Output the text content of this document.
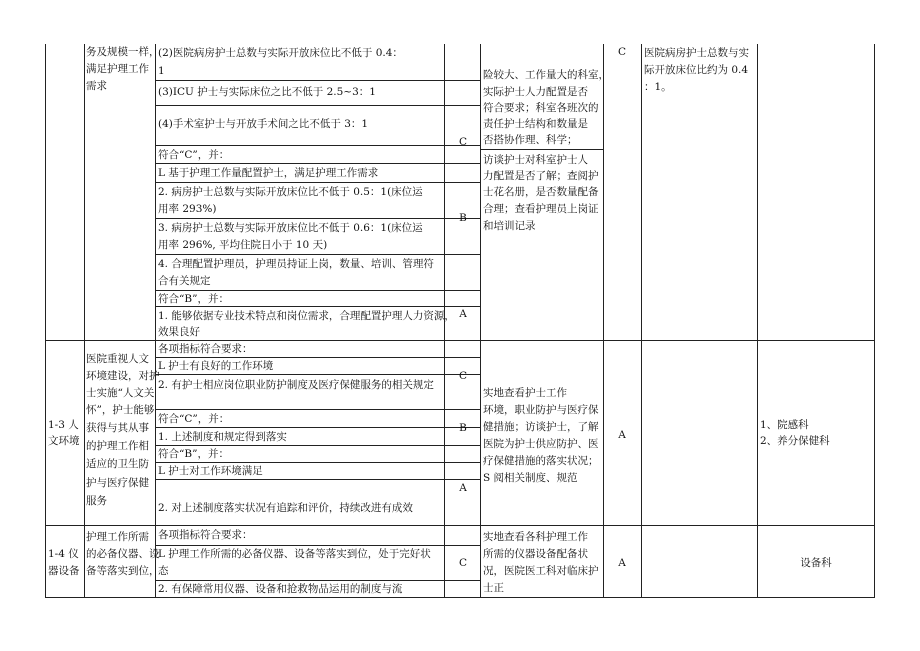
务及规模一样，
满足护理工作
需求
(2)医院病房护士总数与实际开放床位比不低于 0.4：
1
(3)ICU 护士与实际床位之比不低于 2.5~3：1
(4)手术室护士与开放手术间之比不低于 3：1
符合“C”，并：
L 基于护理工作量配置护士，满足护理工作需求
2. 病房护士总数与实际开放床位比不低于 0.5：1(床位运
用率 293%)
3. 病房护士总数与实际开放床位比不低于 0.6：1(床位运
用率 296%, 平均住院日小于 10 天)
4. 合理配置护理员，护理员持证上岗，数量、培训、管理符
合有关规定
符合“B”，并：
1. 能够依据专业技术特点和岗位需求，合理配置护理人力资源，
效果良好
C
B
A
险较大、工作量大的科室，
实际护士人力配置是否
符合要求；科室各班次的
责任护士结构和数量是
否搭协作理、科学；
访谈护士对科室护士人
力配置是否了解；查阅护
士花名册，是否数量配备
合理；查看护理员上岗证
和培训记录
C	医院病房护士总数与实
际开放床位比约为 0.4
：1。
1-3 人
文环境
医院重视人文
环境建设，对护
士实施“人文关
怀”，护士能够
获得与其从事
的护理工作相
适应的卫生防
护与医疗保健
服务
各项指标符合要求：
L 护士有良好的工作环境
2. 有护士相应岗位职业防护制度及医疗保健服务的相关规定
符合“C”，并：
1. 上述制度和规定得到落实
符合“B”，并：
L 护士对工作环境满足
2. 对上述制度落实状况有追踪和评价，持续改进有成效
C
B
A
实地查看护士工作
环境，职业防护与医疗保
健措施；访谈护士，了解
医院为护士供应防护、医
疗保健措施的落实状况；
S 阅相关制度、规范
A
1、院感科
2、养分保健科
1-4 仪
器设备
护理工作所需
的必备仪器、设
备等落实到位，
各项指标符合要求：
L 护理工作所需的必备仪器、设备等落实到位，处于完好状
态
2. 有保障常用仪器、设备和抢救物品运用的制度与流
C
实地查看各科护理工作
所需的仪器设备配备状
况，医院医工科对临床护
士正
A	设备科
